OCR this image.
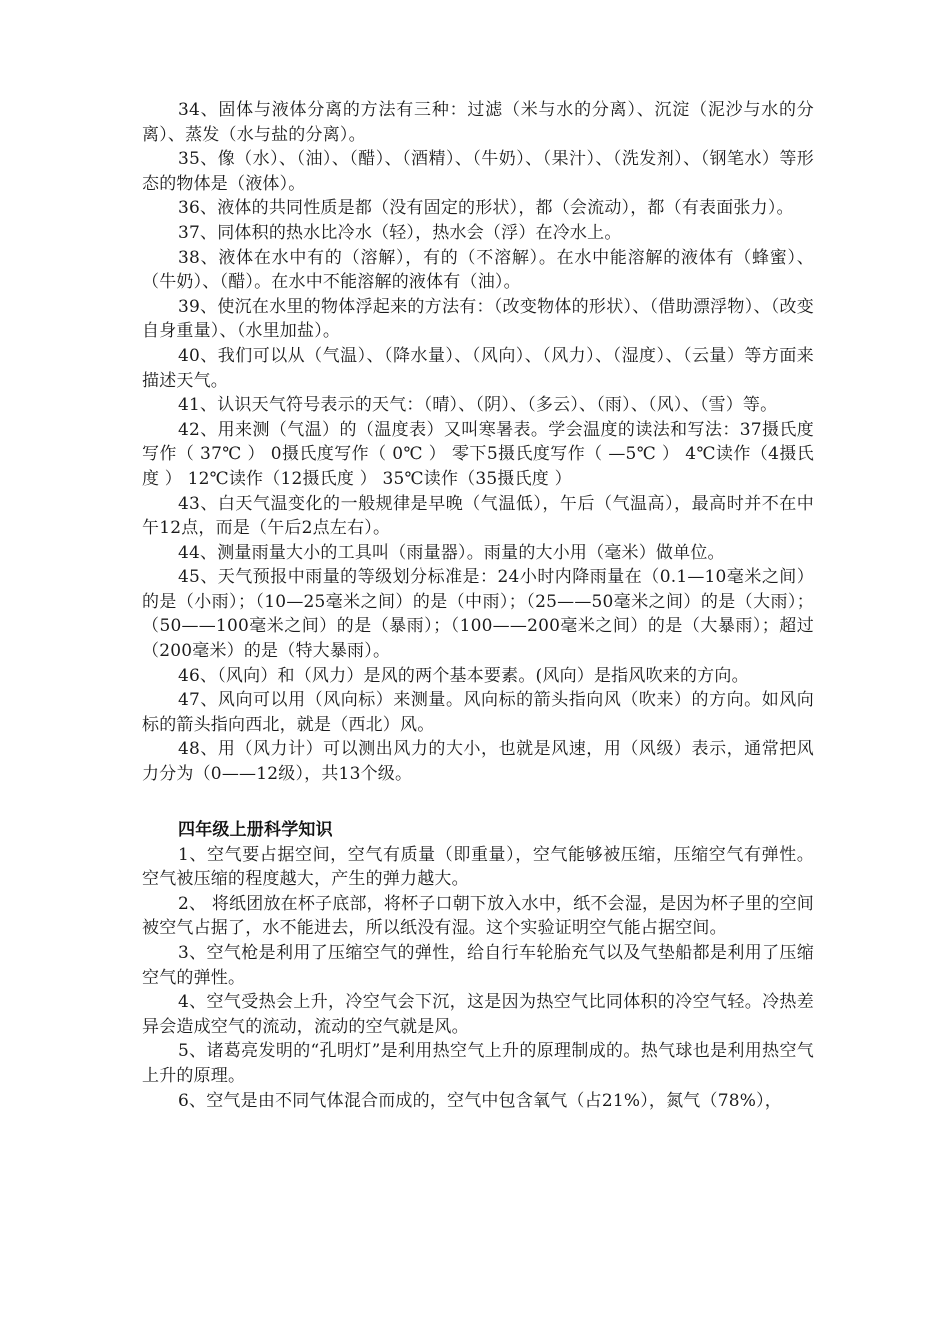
34、固体与液体分离的方法有三种：过滤（米与水的分离）、沉淀（泥沙与水的分离）、蒸发（水与盐的分离）。

35、像（水）、（油）、（醋）、（酒精）、（牛奶）、（果汁）、（洗发剂）、（钢笔水）等形态的物体是（液体）。

36、液体的共同性质是都（没有固定的形状），都（会流动），都（有表面张力）。

37、同体积的热水比冷水（轻），热水会（浮）在冷水上。

38、液体在水中有的（溶解），有的（不溶解）。在水中能溶解的液体有（蜂蜜）、（牛奶）、（醋）。在水中不能溶解的液体有（油）。

39、使沉在水里的物体浮起来的方法有：（改变物体的形状）、（借助漂浮物）、（改变自身重量）、（水里加盐）。

40、我们可以从（气温）、（降水量）、（风向）、（风力）、（湿度）、（云量）等方面来描述天气。

41、认识天气符号表示的天气：（晴）、（阴）、（多云）、（雨）、（风）、（雪）等。

42、用来测（气温）的（温度表）又叫寒暑表。学会温度的读法和写法：37摄氏度写作（ 37℃ ） 0摄氏度写作（ 0℃ ） 零下5摄氏度写作（ —5℃ ） 4℃读作（4摄氏度 ） 12℃读作（12摄氏度 ） 35℃读作（35摄氏度 ）

43、白天气温变化的一般规律是早晚（气温低），午后（气温高），最高时并不在中午12点，而是（午后2点左右）。

44、测量雨量大小的工具叫（雨量器）。雨量的大小用（毫米）做单位。

45、天气预报中雨量的等级划分标准是：24小时内降雨量在（0.1—10毫米之间）的是（小雨）；（10—25毫米之间）的是（中雨）；（25——50毫米之间）的是（大雨）；（50——100毫米之间）的是（暴雨）；（100——200毫米之间）的是（大暴雨）；超过（200毫米）的是（特大暴雨）。

46、（风向）和（风力）是风的两个基本要素。(风向）是指风吹来的方向。

47、风向可以用（风向标）来测量。风向标的箭头指向风（吹来）的方向。如风向标的箭头指向西北，就是（西北）风。

48、用（风力计）可以测出风力的大小，也就是风速，用（风级）表示，通常把风力分为（0——12级），共13个级。

四年级上册科学知识

1、空气要占据空间，空气有质量（即重量），空气能够被压缩，压缩空气有弹性。空气被压缩的程度越大，产生的弹力越大。

2、 将纸团放在杯子底部，将杯子口朝下放入水中，纸不会湿，是因为杯子里的空间被空气占据了，水不能进去，所以纸没有湿。这个实验证明空气能占据空间。

3、空气枪是利用了压缩空气的弹性，给自行车轮胎充气以及气垫船都是利用了压缩空气的弹性。

4、空气受热会上升，冷空气会下沉，这是因为热空气比同体积的冷空气轻。冷热差异会造成空气的流动，流动的空气就是风。

5、诸葛亮发明的“孔明灯”是利用热空气上升的原理制成的。热气球也是利用热空气上升的原理。

6、空气是由不同气体混合而成的，空气中包含氧气（占21%），氮气（78%），
